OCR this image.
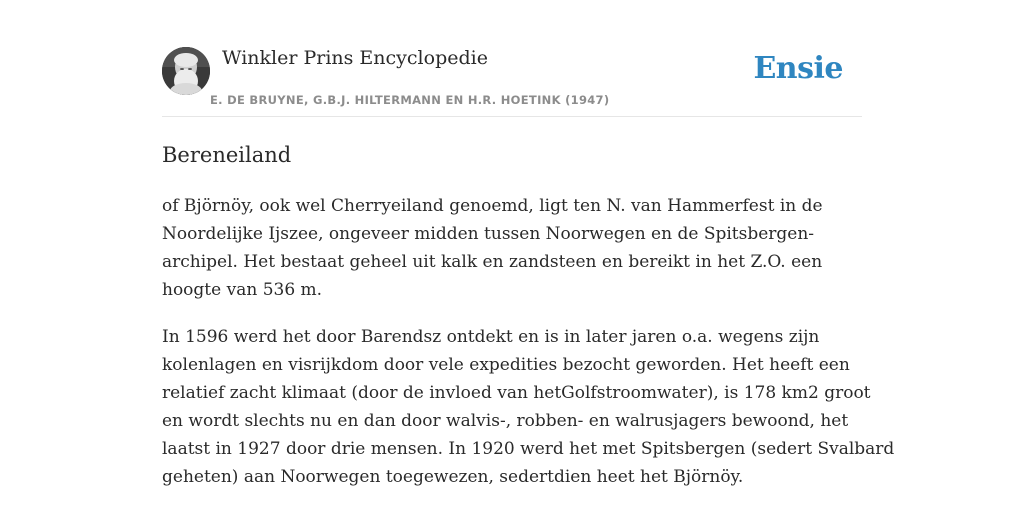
Winkler Prins Encyclopedie
E. DE BRUYNE, G.B.J. HILTERMANN EN H.R. HOETINK (1947)
Ensie
Bereneiland

of Björnöy, ook wel Cherryeiland genoemd, ligt ten N. van Hammerfest in de
Noordelijke Ijszee, ongeveer midden tussen Noorwegen en de Spitsbergen-
archipel. Het bestaat geheel uit kalk en zandsteen en bereikt in het Z.O. een
hoogte van 536 m.

In 1596 werd het door Barendsz ontdekt en is in later jaren o.a. wegens zijn
kolenlagen en visrijkdom door vele expedities bezocht geworden. Het heeft een
relatief zacht klimaat (door de invloed van hetGolfstroomwater), is 178 km2 groot
en wordt slechts nu en dan door walvis-, robben- en walrusjagers bewoond, het
laatst in 1927 door drie mensen. In 1920 werd het met Spitsbergen (sedert Svalbard
geheten) aan Noorwegen toegewezen, sedertdien heet het Björnöy.
